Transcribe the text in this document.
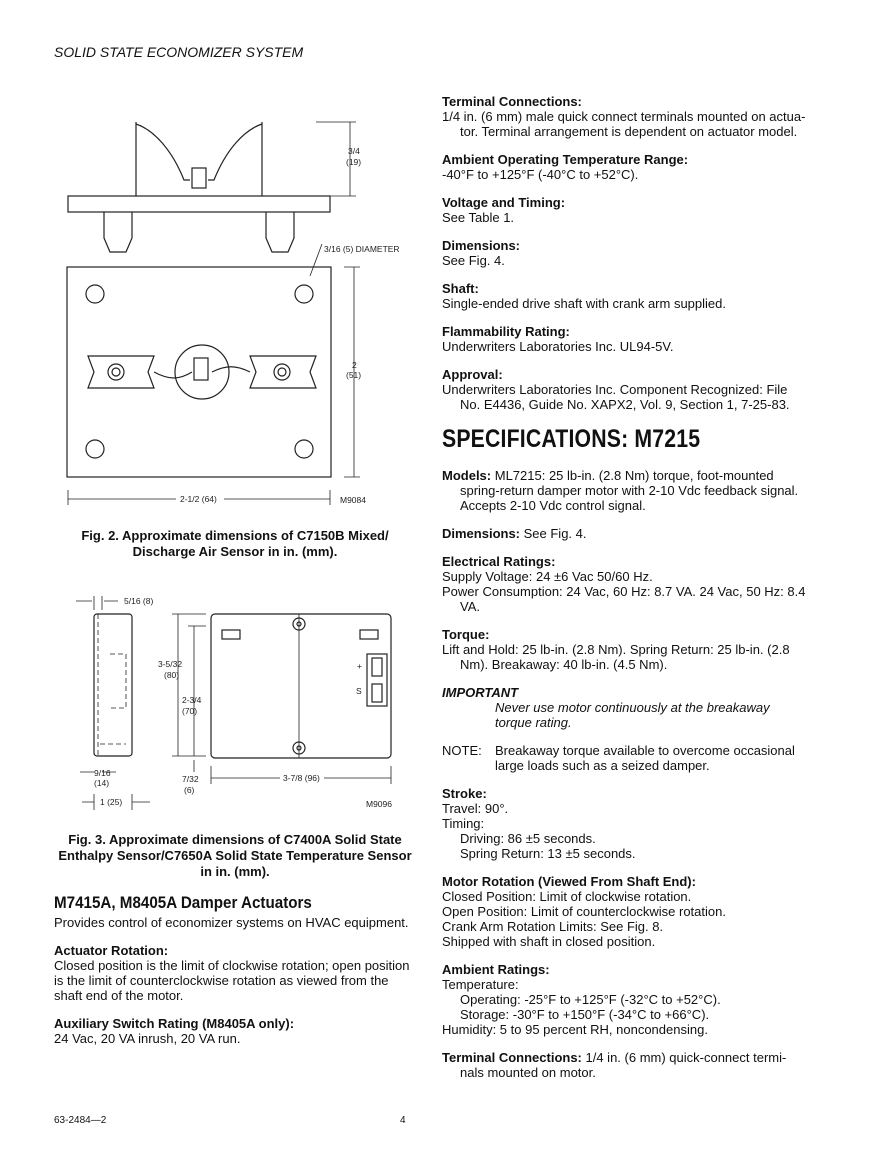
SOLID STATE ECONOMIZER SYSTEM
3/4
(19)
3/16 (5) DIAMETER
2
(51)
2-1/2 (64)	M9084
Fig. 2. Approximate dimensions of C7150B Mixed/
Discharge Air Sensor in in. (mm).
5/16 (8)
3-5/32
(80)
2-3/4
(70)
9/16
(14)	7/32
(6)
3-7/8 (96)
1 (25)
+
S
M9096
Fig. 3. Approximate dimensions of C7400A Solid State
Enthalpy Sensor/C7650A Solid State Temperature Sensor
in in. (mm).
M7415A, M8405A Damper Actuators

Provides control of economizer systems on HVAC equipment.

Actuator Rotation:
Closed position is the limit of clockwise rotation; open position
is the limit of counterclockwise rotation as viewed from the
shaft end of the motor.

Auxiliary Switch Rating (M8405A only):
24 Vac, 20 VA inrush, 20 VA run.

Terminal Connections:
1/4 in. (6 mm) male quick connect terminals mounted on actua-
tor. Terminal arrangement is dependent on actuator model.

Ambient Operating Temperature Range:
-40°F to +125°F (-40°C to +52°C).

Voltage and Timing:
See Table 1.

Dimensions:
See Fig. 4.

Shaft:
Single-ended drive shaft with crank arm supplied.

Flammability Rating:
Underwriters Laboratories Inc. UL94-5V.

Approval:
Underwriters Laboratories Inc. Component Recognized: File
No. E4436, Guide No. XAPX2, Vol. 9, Section 1, 7-25-83.

SPECIFICATIONS: M7215

Models: ML7215: 25 lb-in. (2.8 Nm) torque, foot-mounted
spring-return damper motor with 2-10 Vdc feedback signal.
Accepts 2-10 Vdc control signal.

Dimensions: See Fig. 4.

Electrical Ratings:
Supply Voltage: 24 ±6 Vac 50/60 Hz.
Power Consumption: 24 Vac, 60 Hz: 8.7 VA. 24 Vac, 50 Hz: 8.4
VA.

Torque:
Lift and Hold: 25 lb-in. (2.8 Nm). Spring Return: 25 lb-in. (2.8
Nm). Breakaway: 40 lb-in. (4.5 Nm).

IMPORTANT
Never use motor continuously at the breakaway
torque rating.

NOTE:	Breakaway torque available to overcome occasional
large loads such as a seized damper.

Stroke:
Travel: 90°.
Timing:
Driving: 86 ±5 seconds.
Spring Return: 13 ±5 seconds.

Motor Rotation (Viewed From Shaft End):
Closed Position: Limit of clockwise rotation.
Open Position: Limit of counterclockwise rotation.
Crank Arm Rotation Limits: See Fig. 8.
Shipped with shaft in closed position.

Ambient Ratings:
Temperature:
Operating: -25°F to +125°F (-32°C to +52°C).
Storage: -30°F to +150°F (-34°C to +66°C).
Humidity: 5 to 95 percent RH, noncondensing.

Terminal Connections: 1/4 in. (6 mm) quick-connect termi-
nals mounted on motor.

63-2484—2	4
